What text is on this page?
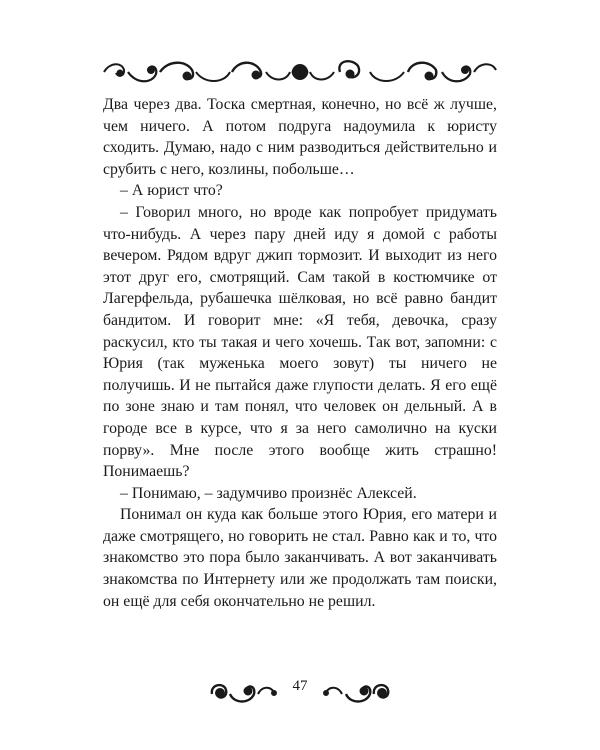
Два через два. Тоска смертная, конечно, но всё ж лучше, чем ничего. А потом подруга надоумила к юристу сходить. Думаю, надо с ним разводиться действительно и срубить с него, козлины, побольше…

– А юрист что?

– Говорил много, но вроде как попробует придумать что-нибудь. А через пару дней иду я домой с работы вечером. Рядом вдруг джип тормозит. И выходит из него этот друг его, смотрящий. Сам такой в костюмчике от Лагерфельда, рубашечка шёлковая, но всё равно бандит бандитом. И говорит мне: «Я тебя, девочка, сразу раскусил, кто ты такая и чего хочешь. Так вот, запомни: с Юрия (так муженька моего зовут) ты ничего не получишь. И не пытайся даже глупости делать. Я его ещё по зоне знаю и там понял, что человек он дельный. А в городе все в курсе, что я за него самолично на куски порву». Мне после этого вообще жить страшно! Понимаешь?

– Понимаю, – задумчиво произнёс Алексей.

Понимал он куда как больше этого Юрия, его матери и даже смотрящего, но говорить не стал. Равно как и то, что знакомство это пора было заканчивать. А вот заканчивать знакомства по Интернету или же продолжать там поиски, он ещё для себя окончательно не решил.

47
